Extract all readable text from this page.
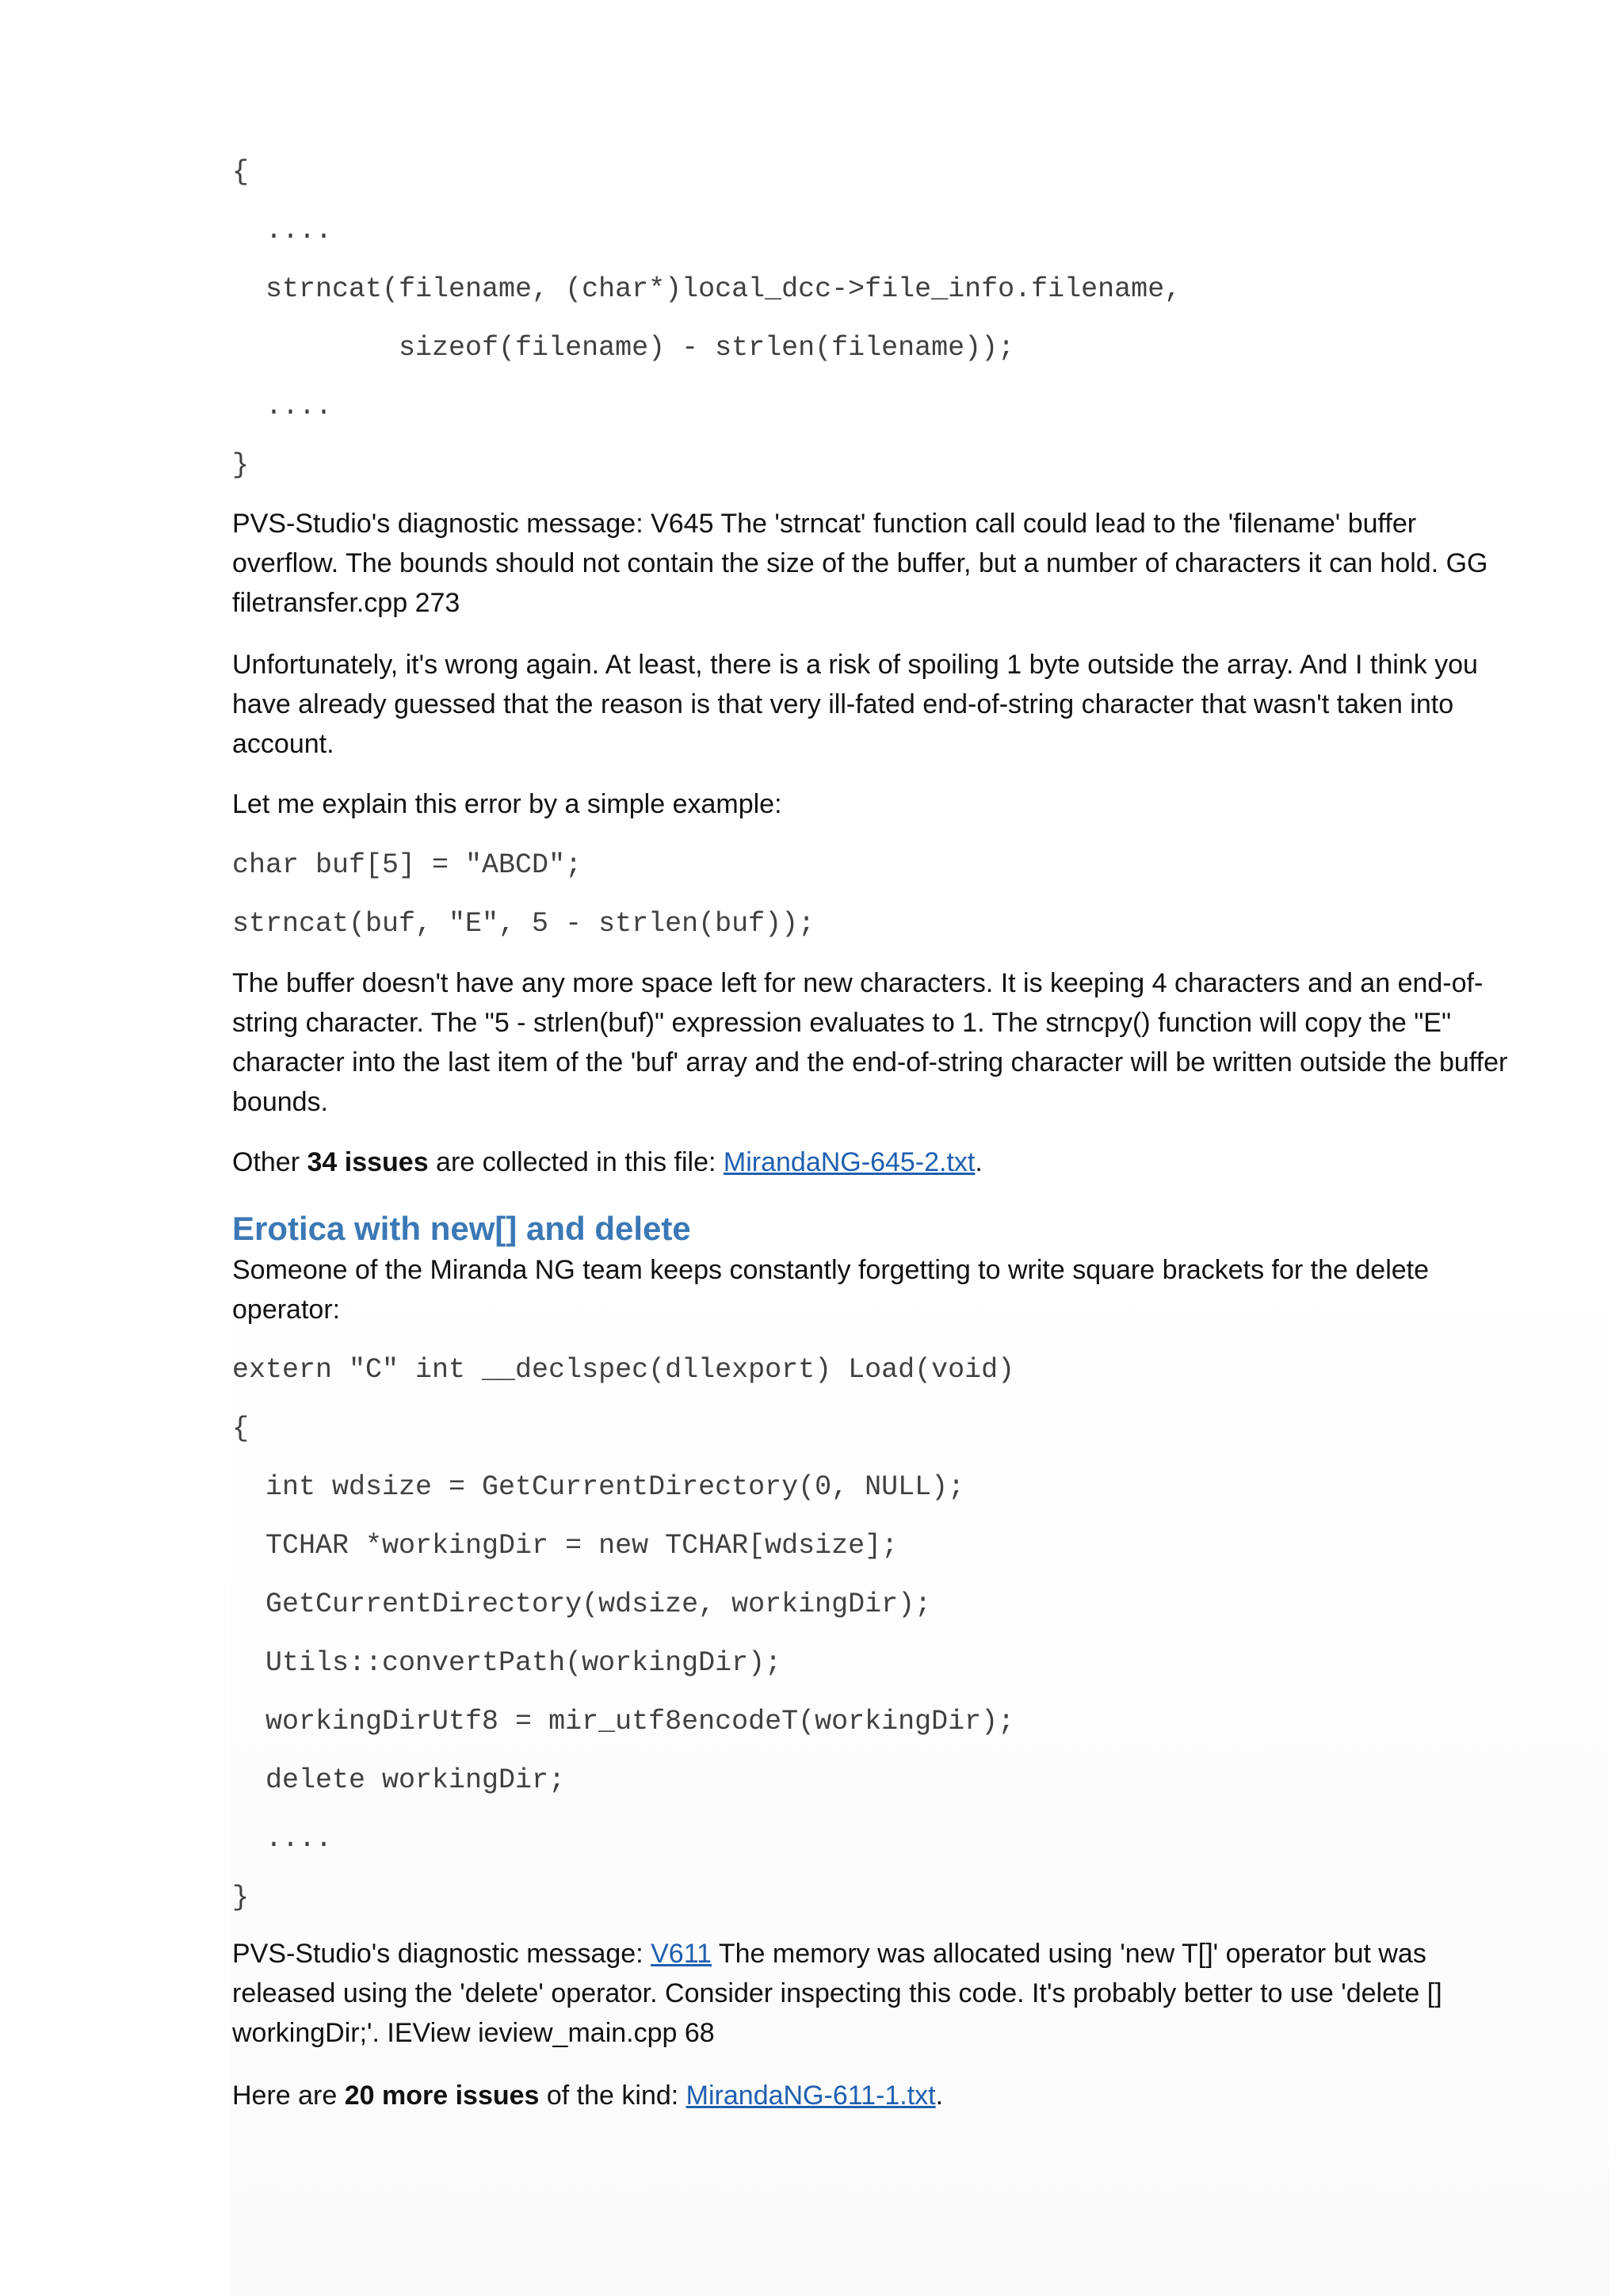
{
....
strncat(filename, (char*)local_dcc->file_info.filename,
sizeof(filename) - strlen(filename));
....
}

PVS-Studio's diagnostic message: V645 The 'strncat' function call could lead to the 'filename' buffer overflow. The bounds should not contain the size of the buffer, but a number of characters it can hold. GG filetransfer.cpp 273

Unfortunately, it's wrong again. At least, there is a risk of spoiling 1 byte outside the array. And I think you have already guessed that the reason is that very ill-fated end-of-string character that wasn't taken into account.

Let me explain this error by a simple example:

char buf[5] = "ABCD";
strncat(buf, "E", 5 - strlen(buf));

The buffer doesn't have any more space left for new characters. It is keeping 4 characters and an end-of-string character. The "5 - strlen(buf)" expression evaluates to 1. The strncpy() function will copy the "E" character into the last item of the 'buf' array and the end-of-string character will be written outside the buffer bounds.

Other 34 issues are collected in this file: MirandaNG-645-2.txt.

Erotica with new[] and delete

Someone of the Miranda NG team keeps constantly forgetting to write square brackets for the delete operator:

extern "C" int __declspec(dllexport) Load(void)
{
int wdsize = GetCurrentDirectory(0, NULL);
TCHAR *workingDir = new TCHAR[wdsize];
GetCurrentDirectory(wdsize, workingDir);
Utils::convertPath(workingDir);
workingDirUtf8 = mir_utf8encodeT(workingDir);
delete workingDir;
....
}

PVS-Studio's diagnostic message: V611 The memory was allocated using 'new T[]' operator but was released using the 'delete' operator. Consider inspecting this code. It's probably better to use 'delete [] workingDir;'. IEView ieview_main.cpp 68

Here are 20 more issues of the kind: MirandaNG-611-1.txt.
